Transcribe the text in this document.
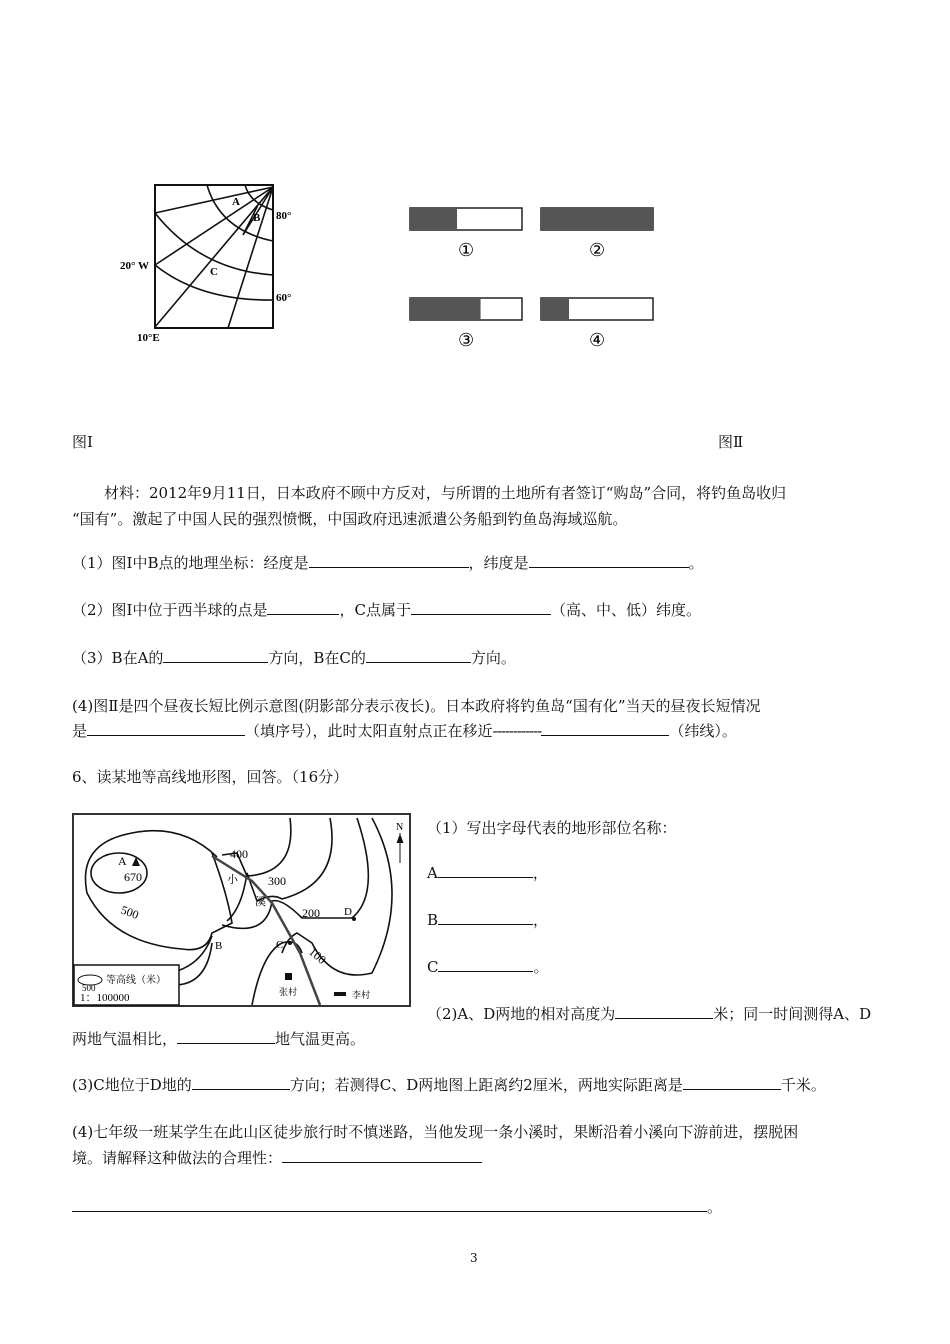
A
B
C
80°
60°
20° W
10°E
①	②
③	④
图Ⅰ	图Ⅱ
材料：2012年9月11日，日本政府不顾中方反对，与所谓的土地所有者签订“购岛”合同，将钓鱼岛收归
“国有”。激起了中国人民的强烈愤慨，中国政府迅速派遣公务船到钓鱼岛海域巡航。
（1）图Ⅰ中B点的地理坐标：经度是	，纬度是	。
（2）图Ⅰ中位于西半球的点是	，C点属于	（高、中、低）纬度。
（3）B在A的	方向，B在C的	方向。
(4)图Ⅱ是四个昼夜长短比例示意图(阴影部分表示夜长)。日本政府将钓鱼岛“国有化”当天的昼夜长短情况
是	（填序号），此时太阳直射点正在移近------------	（纬线）。
6、读某地等高线地形图，回答。（16分）
500
等高线（米）
1：100000
A
670
500
400
300
200
100
B	C
D
小
溪
张村	李村
N （1）写出字母代表的地形部位名称：
A	，
B	，
C	。
（2)A、D两地的相对高度为	米；同一时间测得A、D
两地气温相比，	地气温更高。
(3)C地位于D地的	方向；若测得C、D两地图上距离约2厘米，两地实际距离是	千米。
(4)七年级一班某学生在此山区徒步旅行时不慎迷路，当他发现一条小溪时，果断沿着小溪向下游前进，摆脱困
境。请解释这种做法的合理性：
。
3
